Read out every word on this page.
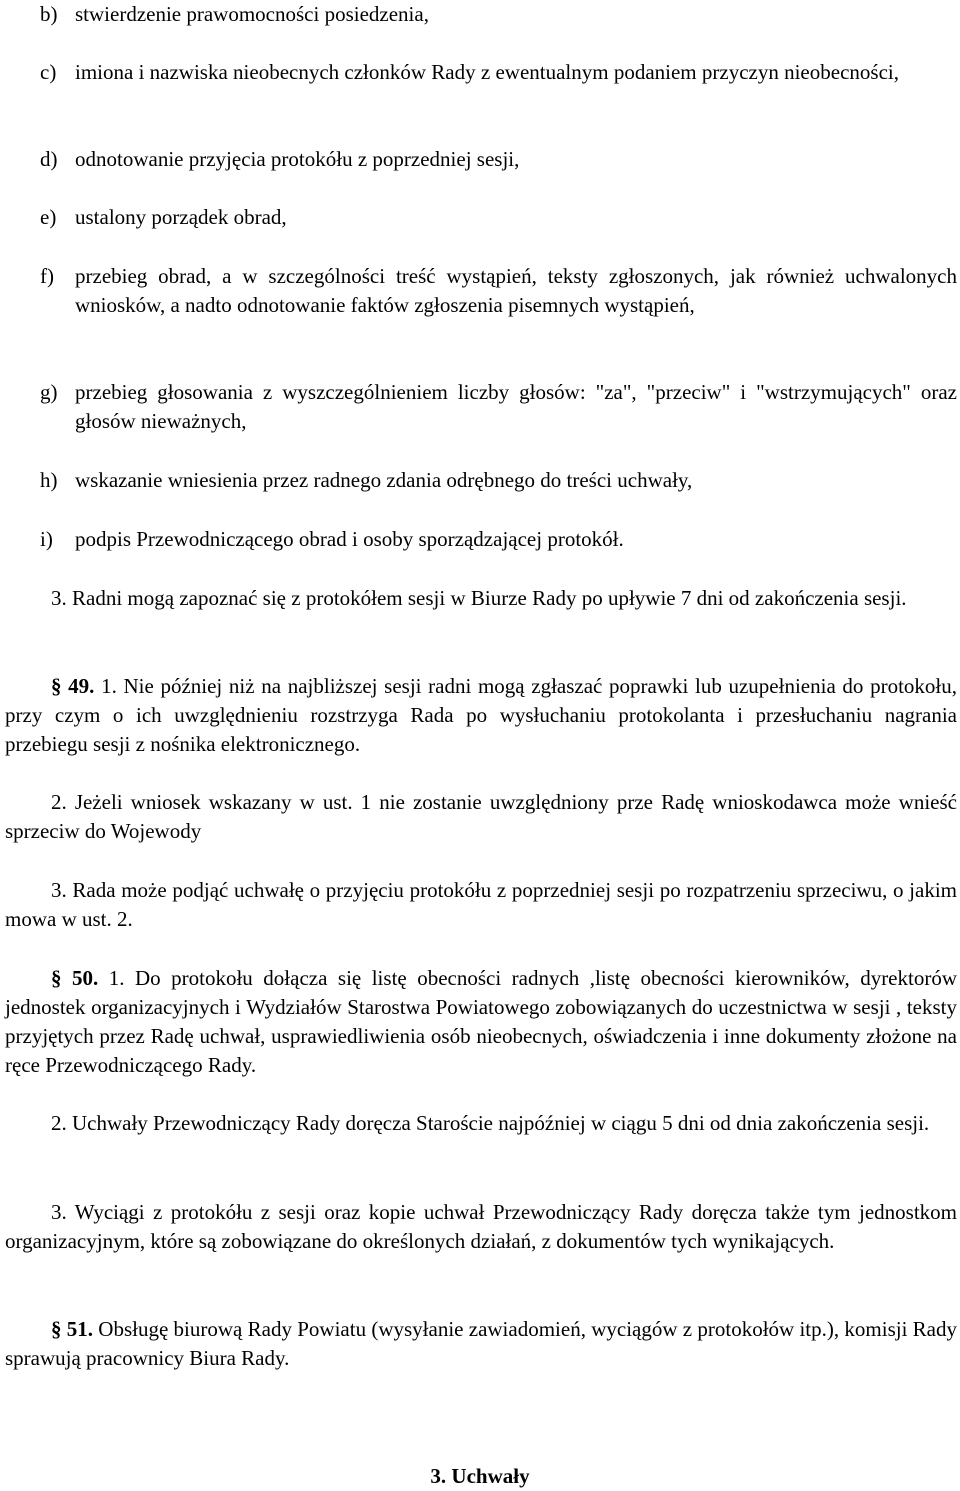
b) stwierdzenie prawomocności posiedzenia,
c) imiona i nazwiska nieobecnych członków Rady z ewentualnym podaniem przyczyn nieobecności,
d) odnotowanie przyjęcia protokółu z poprzedniej sesji,
e) ustalony porządek obrad,
f)	przebieg obrad, a w szczególności treść wystąpień, teksty zgłoszonych, jak również uchwalonych wniosków, a nadto odnotowanie faktów zgłoszenia pisemnych wystąpień,
g) przebieg głosowania z wyszczególnieniem liczby głosów: "za", "przeciw" i "wstrzymujących" oraz głosów nieważnych,
h) wskazanie wniesienia przez radnego zdania odrębnego do treści uchwały,
i)	podpis Przewodniczącego obrad i osoby sporządzającej protokół.

3. Radni mogą zapoznać się z protokółem sesji w Biurze Rady po upływie 7 dni od zakończenia sesji.

§ 49. 1. Nie później niż na najbliższej sesji radni mogą zgłaszać poprawki lub uzupełnienia do protokołu, przy czym o ich uwzględnieniu rozstrzyga Rada po wysłuchaniu protokolanta i przesłuchaniu nagrania przebiegu sesji z nośnika elektronicznego.

2. Jeżeli wniosek wskazany w ust. 1 nie zostanie uwzględniony prze Radę wnioskodawca może wnieść sprzeciw do Wojewody

3. Rada może podjąć uchwałę o przyjęciu protokółu z poprzedniej sesji po rozpatrzeniu sprzeciwu, o jakim mowa w ust. 2.

§ 50. 1. Do protokołu dołącza się listę obecności radnych ,listę obecności kierowników, dyrektorów jednostek organizacyjnych i Wydziałów Starostwa Powiatowego zobowiązanych do uczestnictwa w sesji , teksty przyjętych przez Radę uchwał, usprawiedliwienia osób nieobecnych, oświadczenia i inne dokumenty złożone na ręce Przewodniczącego Rady.

2. Uchwały Przewodniczący Rady doręcza Staroście najpóźniej w ciągu 5 dni od dnia zakończenia sesji.

3. Wyciągi z protokółu z sesji oraz kopie uchwał Przewodniczący Rady doręcza także tym jednostkom organizacyjnym, które są zobowiązane do określonych działań, z dokumentów tych wynikających.

§ 51. Obsługę biurową Rady Powiatu (wysyłanie zawiadomień, wyciągów z protokołów itp.), komisji Rady sprawują pracownicy Biura Rady.

3. Uchwały
